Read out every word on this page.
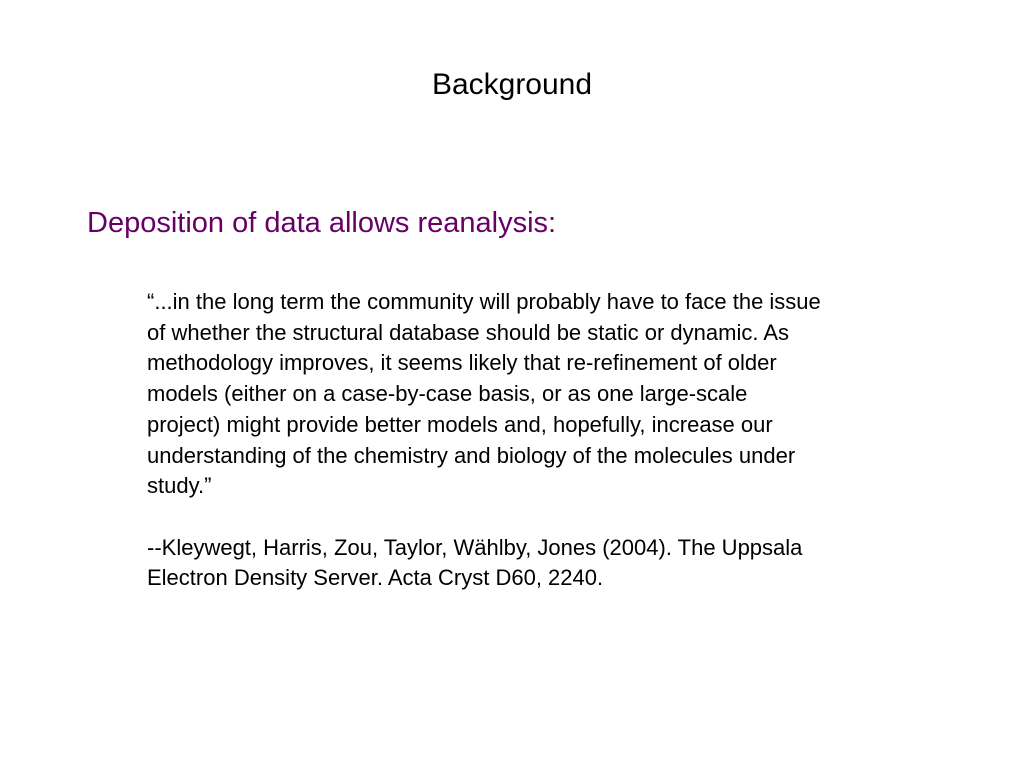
Background
Deposition of data allows reanalysis:
“...in the long term the community will probably have to face the issue
of whether the structural database should be static or dynamic. As
methodology improves, it seems likely that re-refinement of older
models (either on a case-by-case basis, or as one large-scale
project) might provide better models and, hopefully, increase our
understanding of the chemistry and biology of the molecules under
study.”
--Kleywegt, Harris, Zou, Taylor, Wählby, Jones (2004). The Uppsala
Electron Density Server. Acta Cryst D60, 2240.
